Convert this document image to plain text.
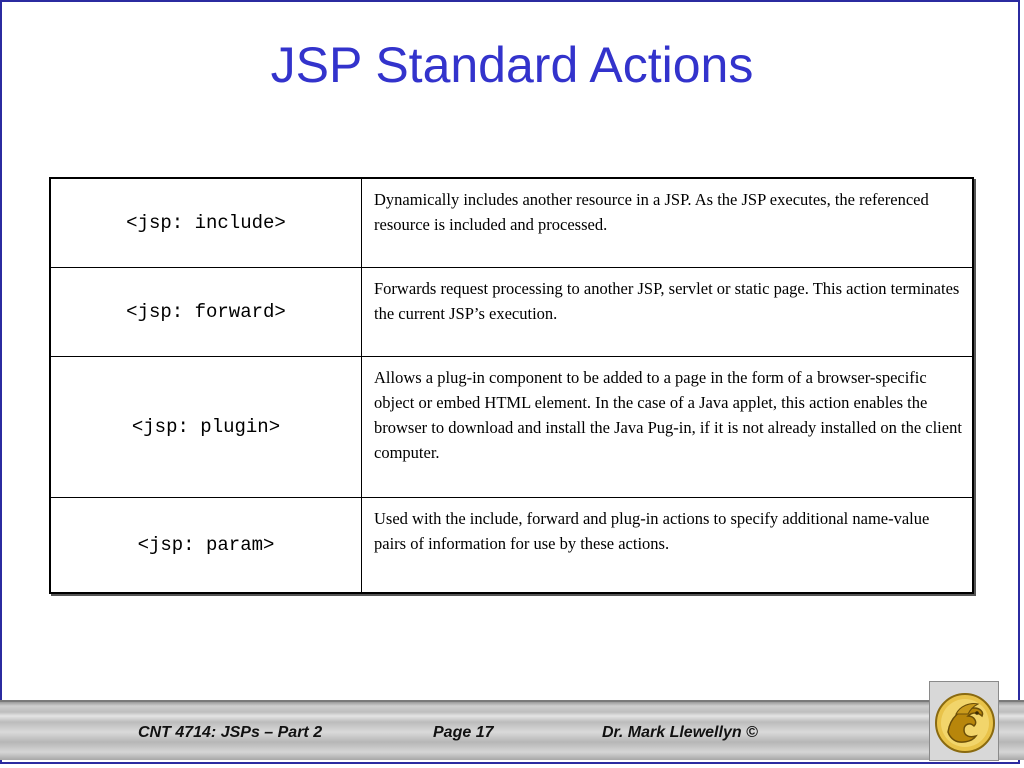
JSP Standard Actions
<jsp: include>	Dynamically includes another resource in a JSP. As the JSP executes, the referenced resource is included and processed.
<jsp: forward>	Forwards request processing to another JSP, servlet or static page. This action terminates the current JSP’s execution.
<jsp: plugin>	Allows a plug-in component to be added to a page in the form of a browser-specific object or embed HTML element. In the case of a Java applet, this action enables the browser to download and install the Java Pug-in, if it is not already installed on the client computer.
<jsp: param>	Used with the include, forward and plug-in actions to specify additional name-value pairs of information for use by these actions.
CNT 4714: JSPs – Part 2	Page 17	Dr. Mark Llewellyn ©
